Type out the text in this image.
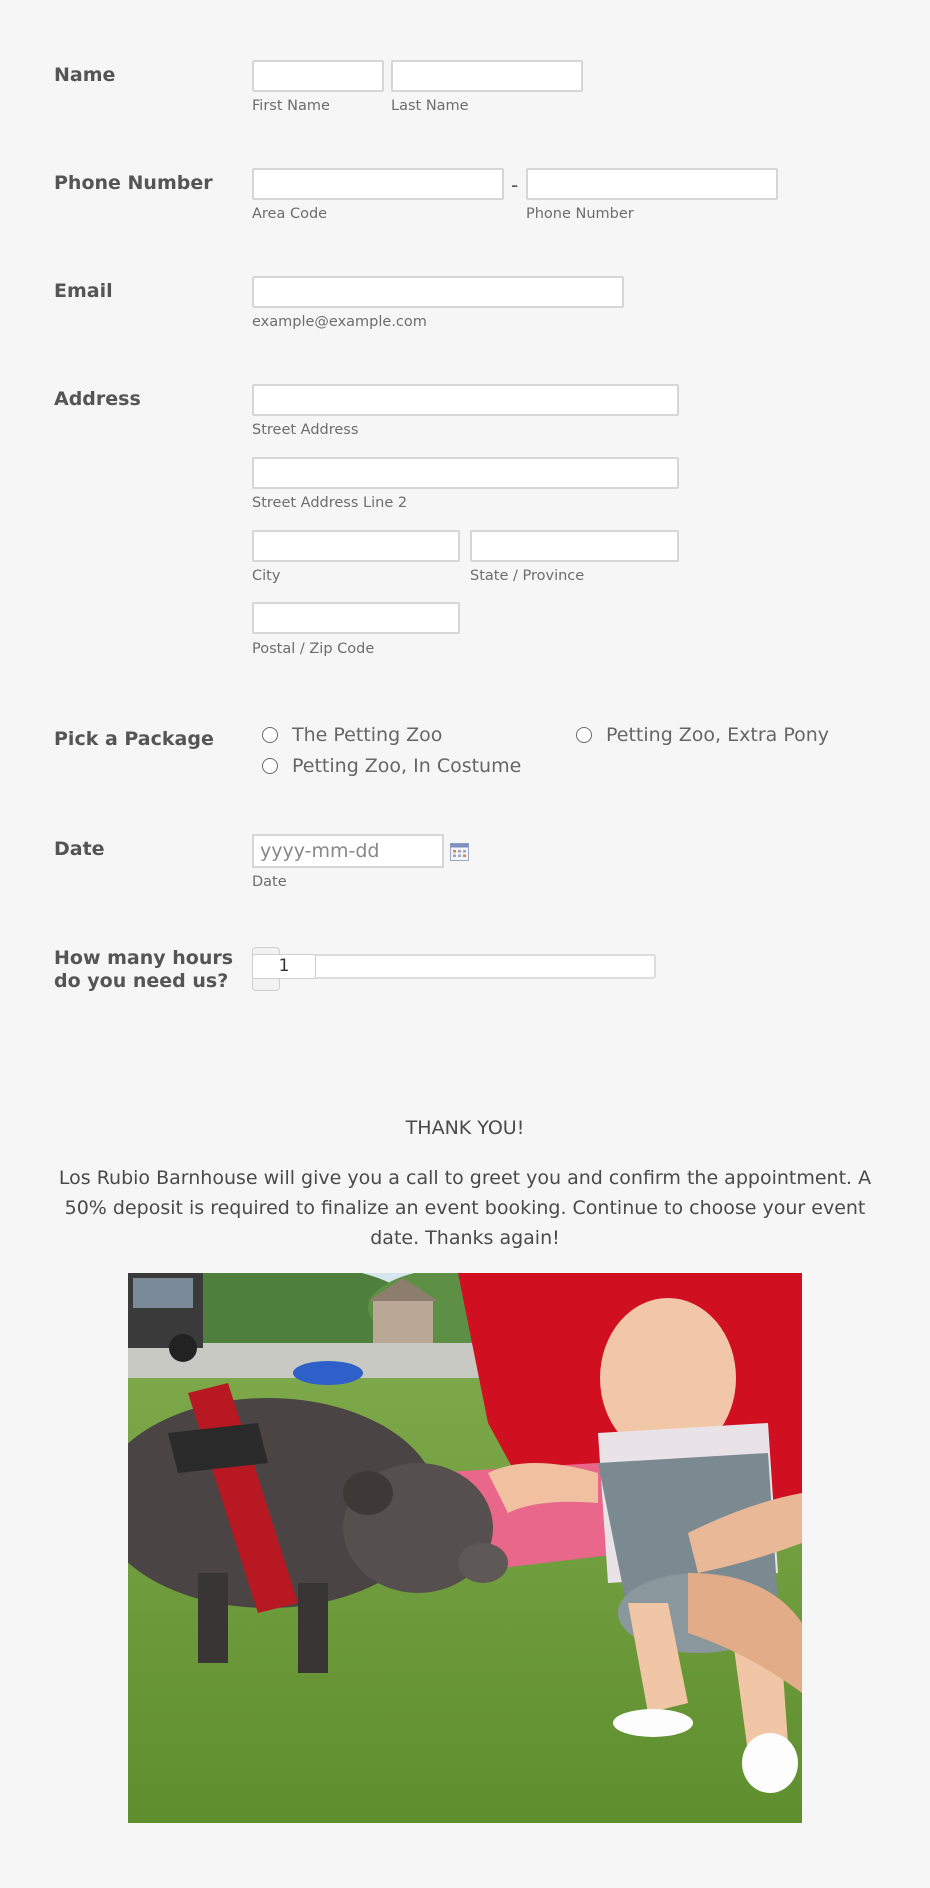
Name
First Name	Last Name
Phone Number	-
Area Code	Phone Number
Email
example@example.com
Address
Street Address
Street Address Line 2
City	State / Province
Postal / Zip Code
Pick a Package	The Petting Zoo	Petting Zoo, Extra Pony
Petting Zoo, In Costume
Date	yyyy-mm-dd
Date
How many hours
do you need us?
1
THANK YOU!
Los Rubio Barnhouse will give you a call to greet you and confirm the appointment. A 50% deposit is required to finalize an event booking. Continue to choose your event date. Thanks again!
